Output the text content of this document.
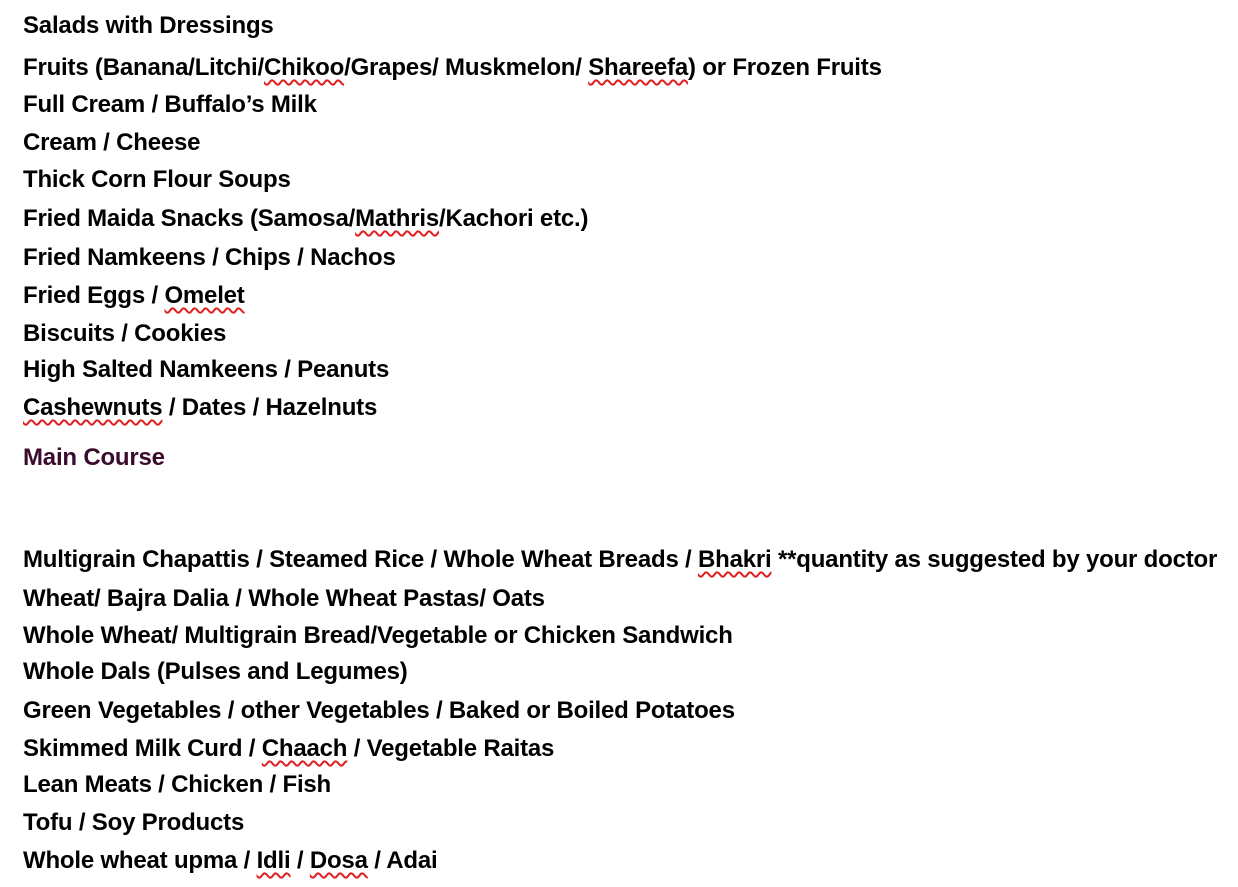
Salads with Dressings
Fruits (Banana/Litchi/Chikoo/Grapes/ Muskmelon/ Shareefa) or Frozen Fruits
Full Cream / Buffalo’s Milk
Cream / Cheese
Thick Corn Flour Soups
Fried Maida Snacks (Samosa/Mathris/Kachori etc.)
Fried Namkeens / Chips / Nachos
Fried Eggs / Omelet
Biscuits / Cookies
High Salted Namkeens / Peanuts
Cashewnuts / Dates / Hazelnuts
Main Course
Multigrain Chapattis / Steamed Rice / Whole Wheat Breads / Bhakri **quantity as suggested by your doctor
Wheat/ Bajra Dalia / Whole Wheat Pastas/ Oats
Whole Wheat/ Multigrain Bread/Vegetable or Chicken Sandwich
Whole Dals (Pulses and Legumes)
Green Vegetables / other Vegetables / Baked or Boiled Potatoes
Skimmed Milk Curd / Chaach / Vegetable Raitas
Lean Meats / Chicken / Fish
Tofu / Soy Products
Whole wheat upma / Idli / Dosa / Adai
